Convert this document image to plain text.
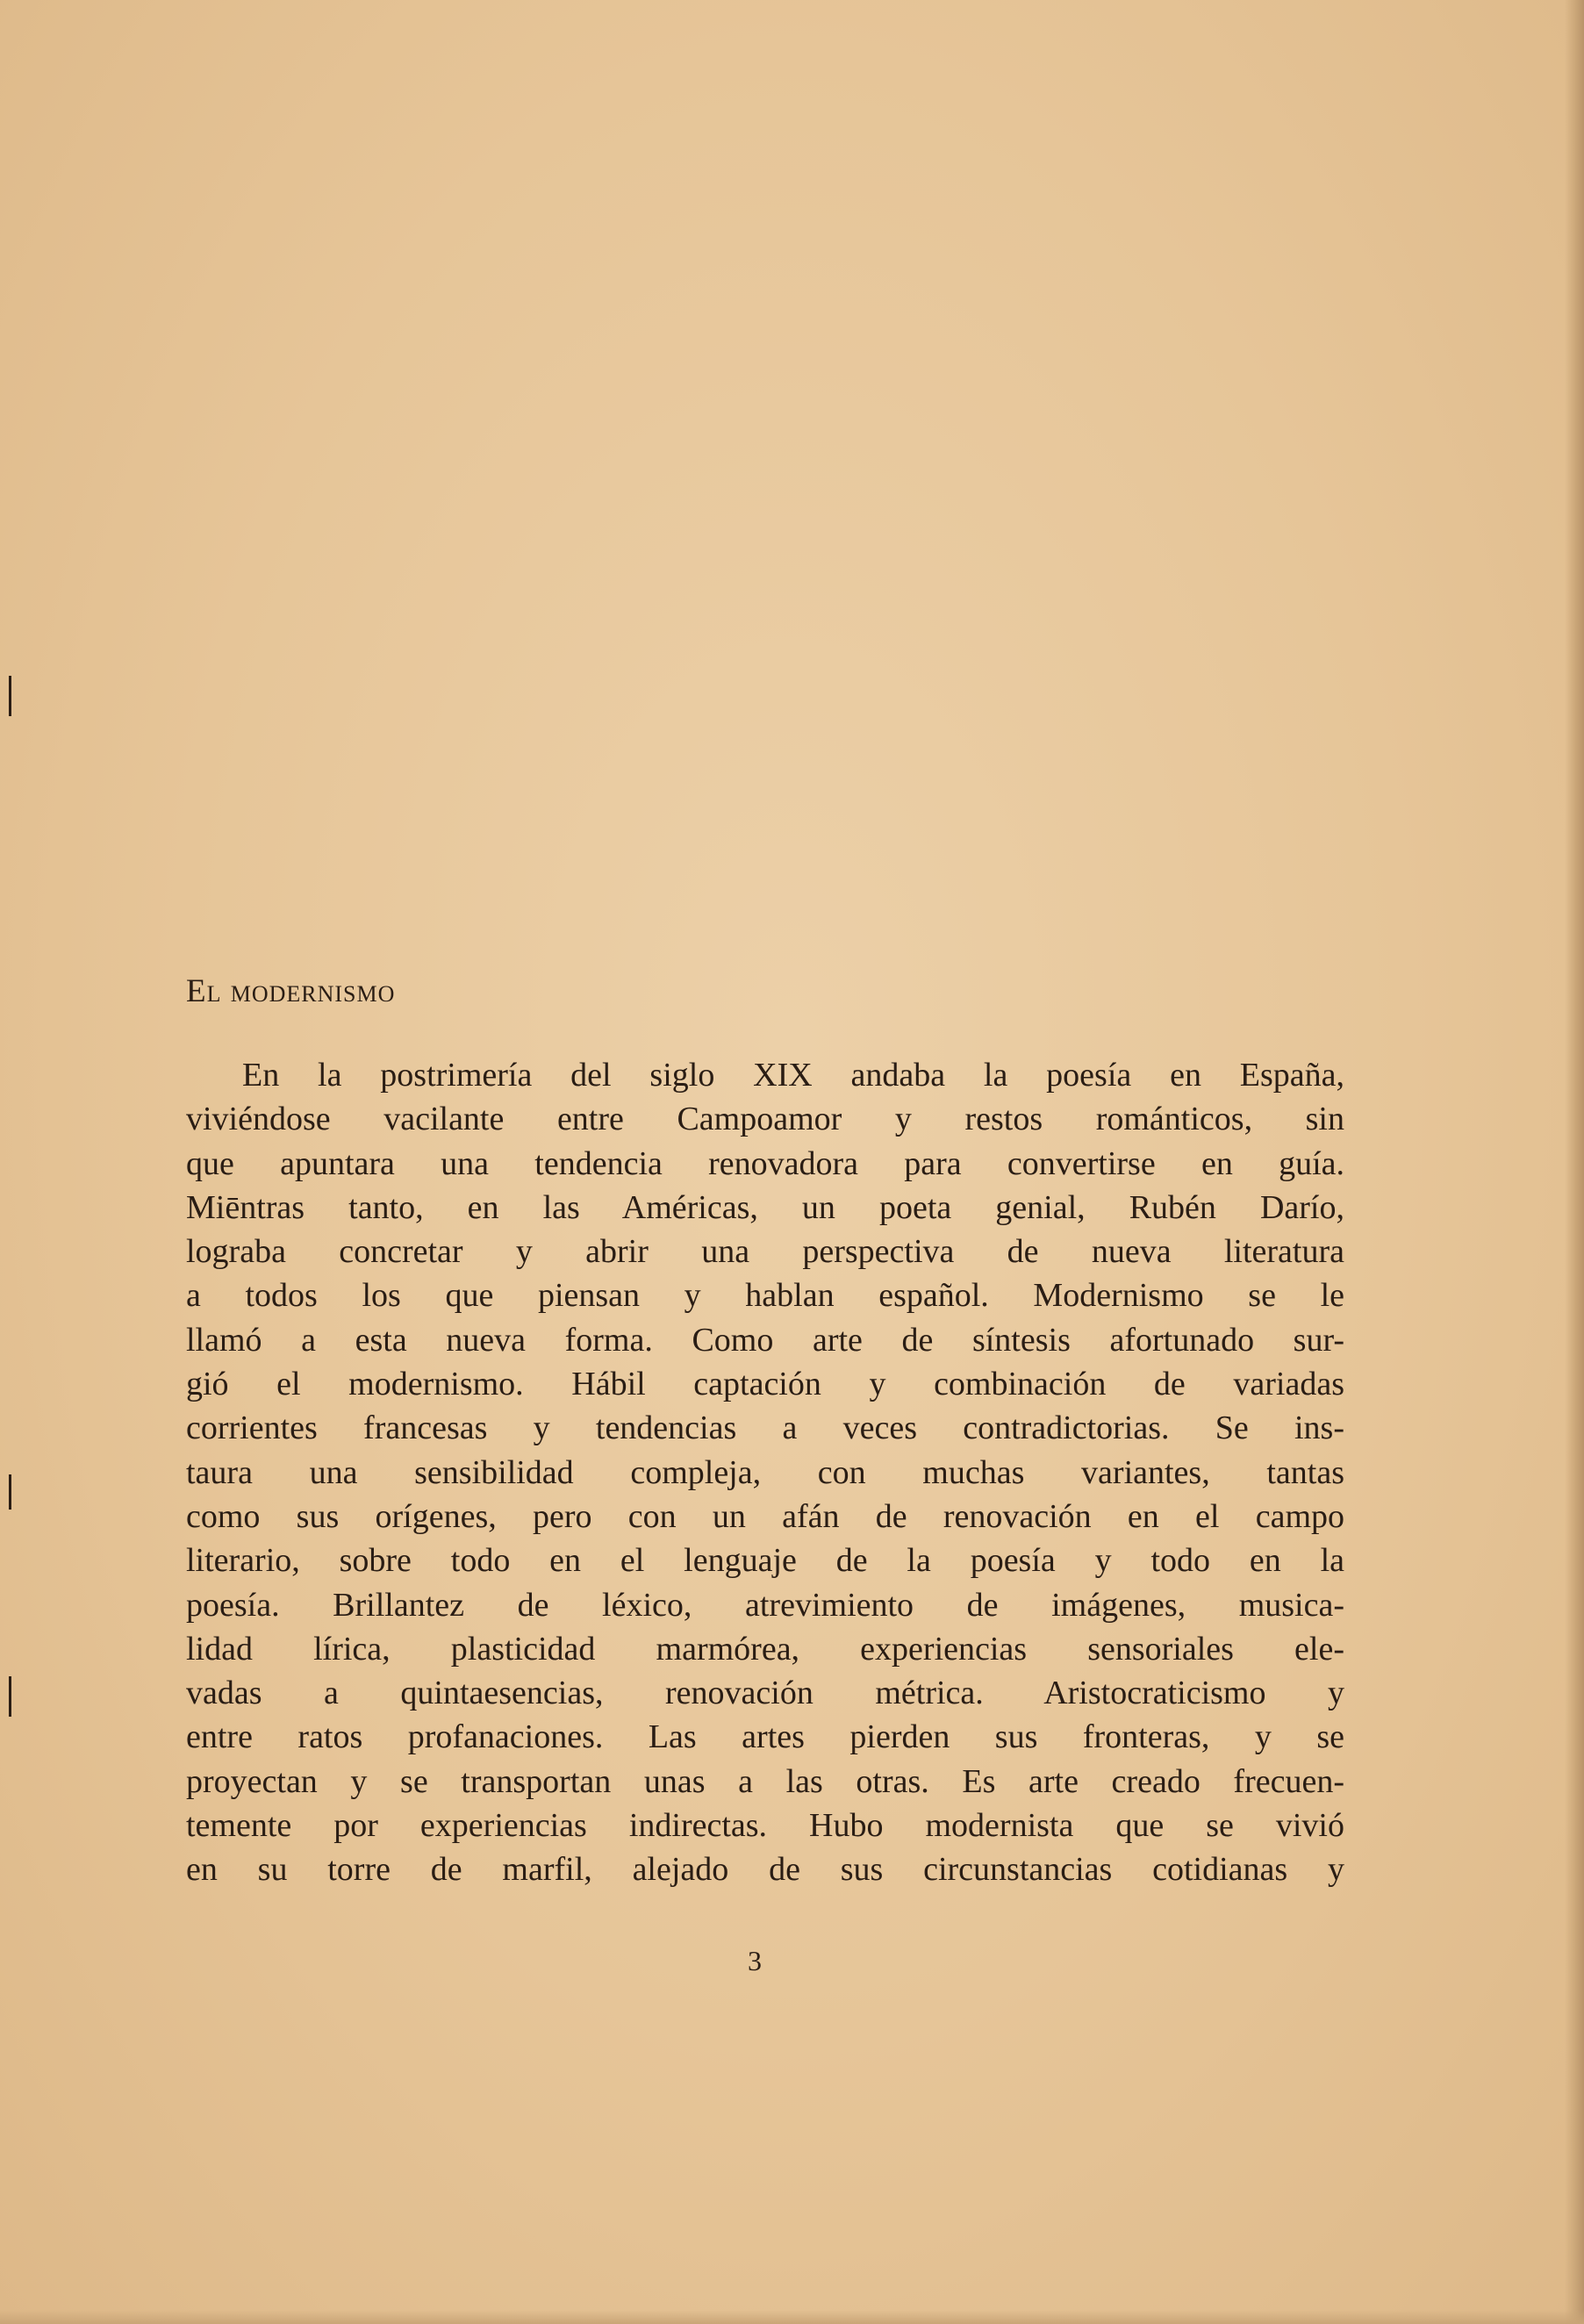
El modernismo
En la postrimería del siglo XIX andaba la poesía en España,
viviéndose vacilante entre Campoamor y restos románticos, sin
que apuntara una tendencia renovadora para convertirse en guía.
Miēntras tanto, en las Américas, un poeta genial, Rubén Darío,
lograba concretar y abrir una perspectiva de nueva literatura
a todos los que piensan y hablan español. Modernismo se le
llamó a esta nueva forma. Como arte de síntesis afortunado sur-
gió el modernismo. Hábil captación y combinación de variadas
corrientes francesas y tendencias a veces contradictorias. Se ins-
taura una sensibilidad compleja, con muchas variantes, tantas
como sus orígenes, pero con un afán de renovación en el campo
literario, sobre todo en el lenguaje de la poesía y todo en la
poesía. Brillantez de léxico, atrevimiento de imágenes, musica-
lidad lírica, plasticidad marmórea, experiencias sensoriales ele-
vadas a quintaesencias, renovación métrica. Aristocraticismo y
entre ratos profanaciones. Las artes pierden sus fronteras, y se
proyectan y se transportan unas a las otras. Es arte creado frecuen-
temente por experiencias indirectas. Hubo modernista que se vivió
en su torre de marfil, alejado de sus circunstancias cotidianas y

3
